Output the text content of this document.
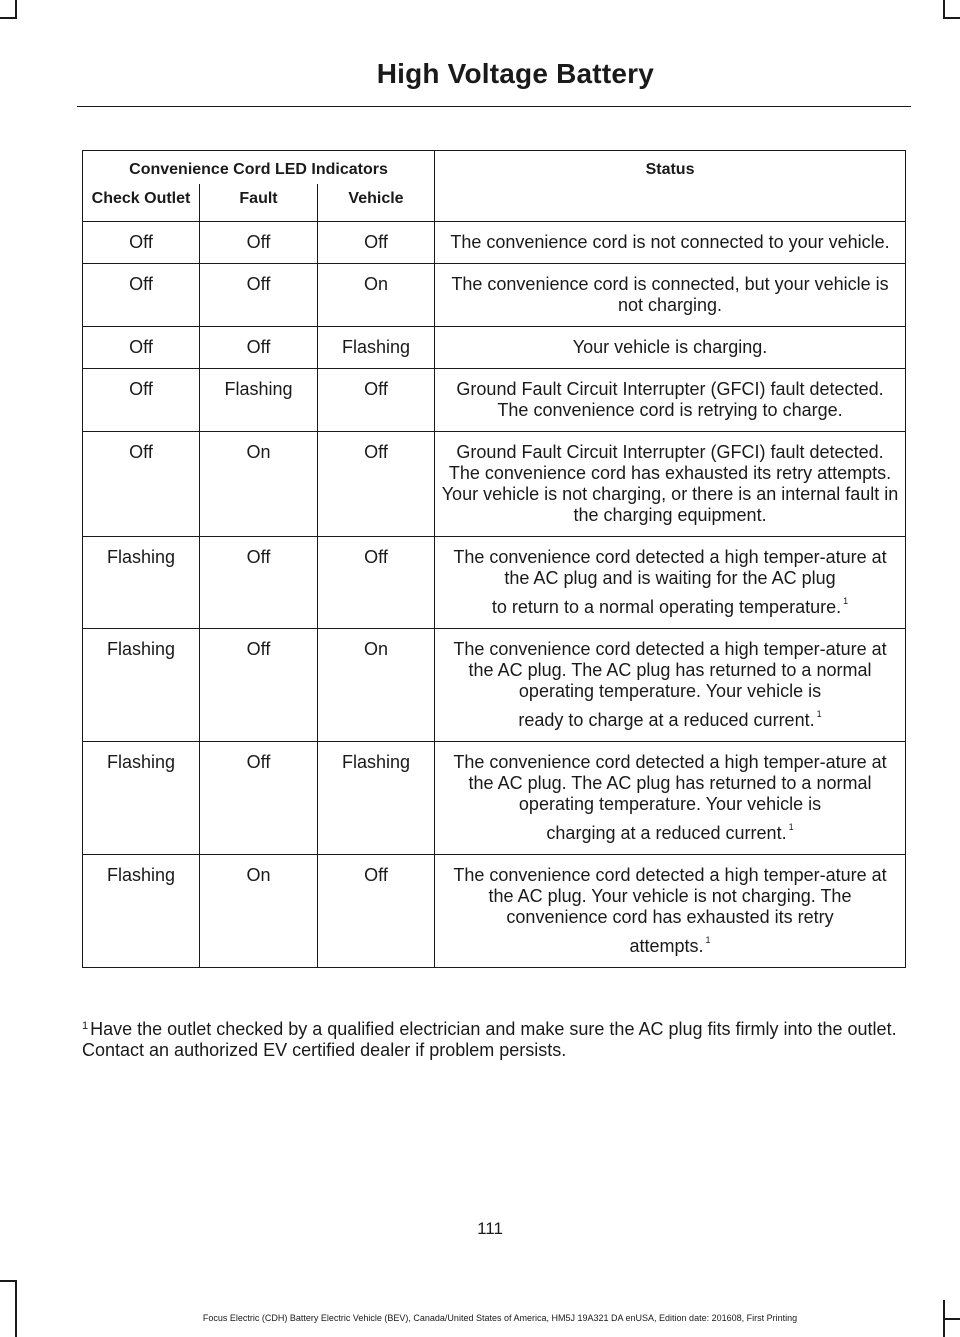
High Voltage Battery
Convenience Cord LED Indicators			Status
Check Outlet	Fault	Vehicle	
Off	Off	Off	The convenience cord is not connected to your vehicle.

Off	Off	On	The convenience cord is connected, but your vehicle is not charging.

Off	Off	Flashing	Your vehicle is charging.

Off	Flashing	Off	Ground Fault Circuit Interrupter (GFCI) fault detected.

The convenience cord is retrying to charge.

Off	On	Off	Ground Fault Circuit Interrupter (GFCI) fault detected.

The convenience cord has exhausted its retry attempts. Your vehicle is not charging, or there is an internal fault in the charging equipment.

Flashing	Off	Off	The convenience cord detected a high temper-ature at the AC plug and is waiting for the AC plug

to return to a normal operating temperature. $^1$

Flashing	Off	On	The convenience cord detected a high temper-ature at the AC plug. The AC plug has returned to a normal operating temperature. Your vehicle is

ready to charge at a reduced current. $^1$

Flashing	Off	Flashing	The convenience cord detected a high temper-ature at the AC plug. The AC plug has returned to a normal operating temperature. Your vehicle is

charging at a reduced current. $^1$

Flashing	On	Off	The convenience cord detected a high temper-ature at the AC plug. Your vehicle is not charging. The convenience cord has exhausted its retry

attempts. $^1$

$^1$ Have the outlet checked by a qualified electrician and make sure the AC plug fits firmly into the outlet. Contact an authorized EV certified dealer if problem persists.
111
Focus Electric (CDH) Battery Electric Vehicle (BEV), Canada/United States of America, HM5J 19A321 DA enUSA, Edition date: 201608, First Printing
